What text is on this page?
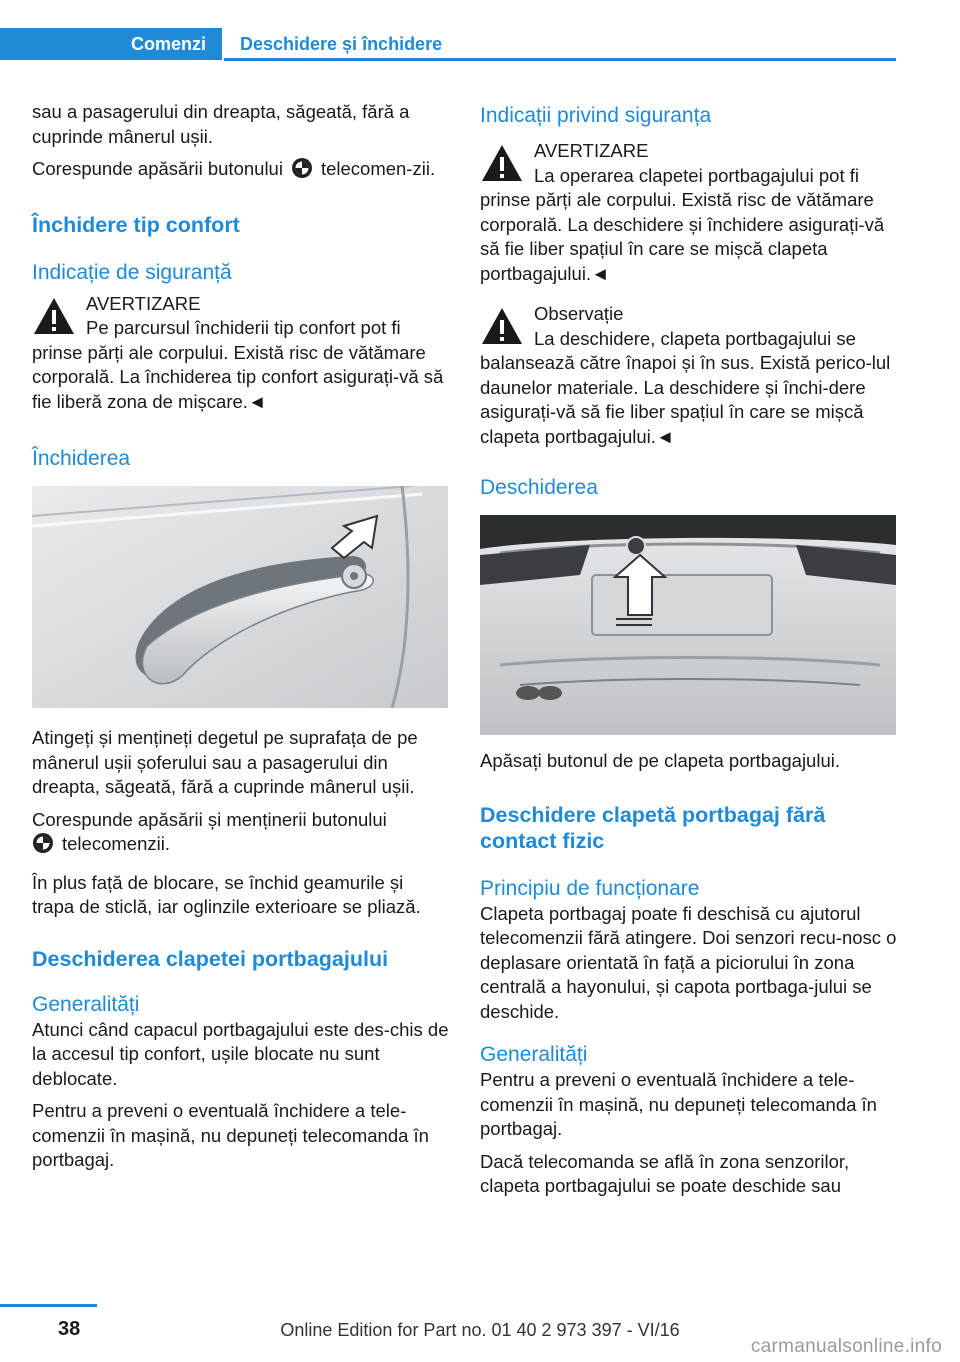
Comenzi	Deschidere și închidere

sau a pasagerului din dreapta, săgeată, fără a cuprinde mânerul ușii.

Corespunde apăsării butonului telecomen-zii.

Închidere tip confort
Indicație de siguranță
AVERTIZARE

Pe parcursul închiderii tip confort pot fi prinse părți ale corpului. Există risc de vătămare corporală. La închiderea tip confort asigurați-vă să fie liberă zona de mișcare.◄

Închiderea

Atingeți și mențineți degetul pe suprafața de pe mânerul ușii șoferului sau a pasagerului din dreapta, săgeată, fără a cuprinde mânerul ușii.

Corespunde apăsării și menținerii butonului
telecomenzii.

În plus față de blocare, se închid geamurile și trapa de sticlă, iar oglinzile exterioare se pliază.

Deschiderea clapetei portbagajului
Generalități

Atunci când capacul portbagajului este des-chis de la accesul tip confort, ușile blocate nu sunt deblocate.

Pentru a preveni o eventuală închidere a tele-comenzii în mașină, nu depuneți telecomanda în portbagaj.

Indicații privind siguranța
AVERTIZARE

La operarea clapetei portbagajului pot fi prinse părți ale corpului. Există risc de vătămare corporală. La deschidere și închidere asigurați-vă să fie liber spațiul în care se mișcă clapeta portbagajului.◄

Observație

La deschidere, clapeta portbagajului se balansează către înapoi și în sus. Există perico-lul daunelor materiale. La deschidere și închi-dere asigurați-vă să fie liber spațiul în care se mișcă clapeta portbagajului.◄

Deschiderea

Apăsați butonul de pe clapeta portbagajului.

Deschidere clapetă portbagaj fără contact fizic
Principiu de funcționare

Clapeta portbagaj poate fi deschisă cu ajutorul telecomenzii fără atingere. Doi senzori recu-nosc o deplasare orientată în față a piciorului în zona centrală a hayonului, și capota portbaga-jului se deschide.

Generalități

Pentru a preveni o eventuală închidere a tele-comenzii în mașină, nu depuneți telecomanda în portbagaj.

Dacă telecomanda se află în zona senzorilor, clapeta portbagajului se poate deschide sau

38	Online Edition for Part no. 01 40 2 973 397 - VI/16
carmanualsonline.info
